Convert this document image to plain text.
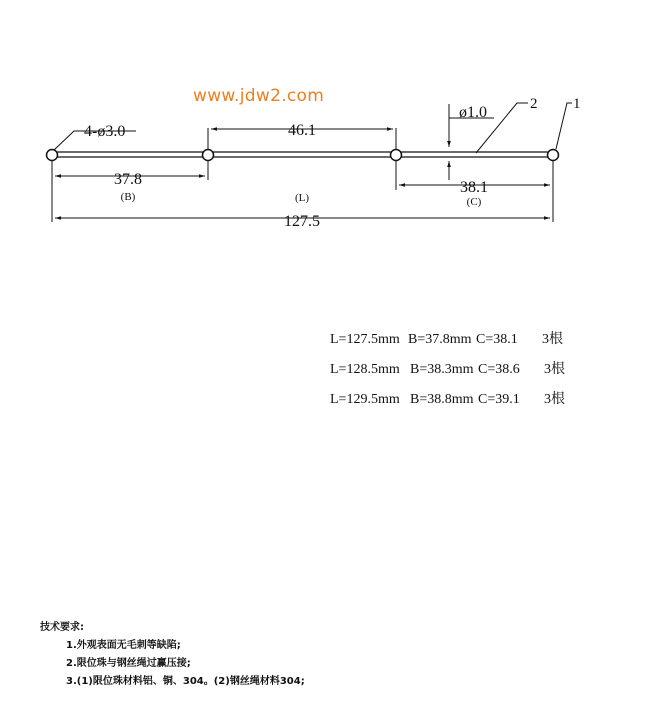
www.jdw2.com
46.1
37.8
(B)	(L)
38.1
(C)
127.5
4-ø3.0
ø1.0	2 1

L=127.5mm B=37.8mm C=38.1 3根

L=128.5mm B=38.3mm C=38.6 3根

L=129.5mm B=38.8mm C=39.1 3根

技术要求:
1.外观表面无毛刺等缺陷;
2.限位珠与钢丝绳过赢压接;
3.(1)限位珠材料铝、铜、304。(2)钢丝绳材料304;
